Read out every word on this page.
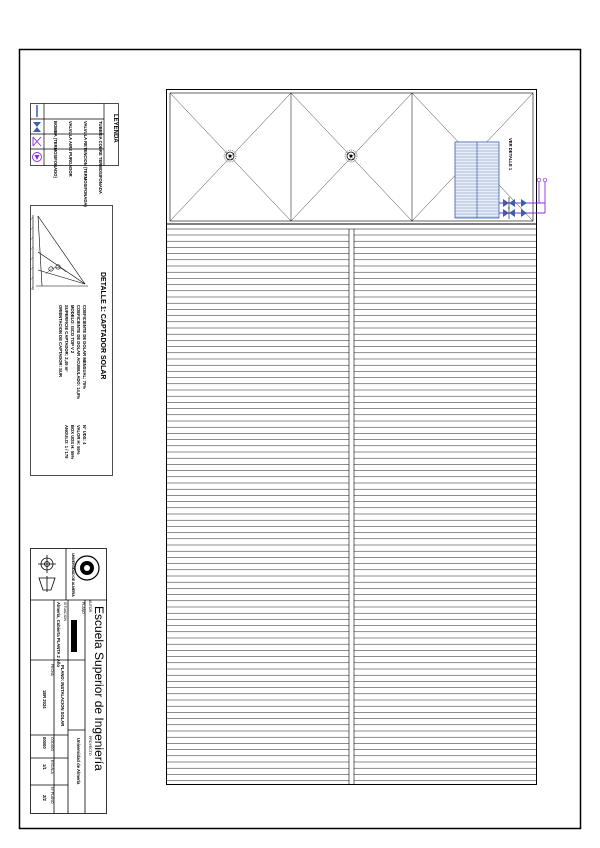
LEYENDA
TUBERIA COBRE TERMOSIFONADA
VALVULA RETENCION (TERMOSIFONADA)
VALVULA AIRE PURGADOR
BOMBA (TERMOSIFONADO)
DETALLE 1: CAPTADOR SOLAR
COEFICIENTE DE DOLAR MENSUAL: 70%
COEFICIENTE DE DOLAR ACUMULADO: 14,8%
MODELO: ISCO TOP V 2
SUPERFICIE CAPTADOR: 2,49 m²
ORIENTACION DE CAPTADOR: SUR
Nº UDS: 4
VALOR H: 55%
BOX UDS H: 55%
ANGULO: 1 / 179
VER DETALLE 1
Escuela Superior de Ingeniería
AUTOR
PROYECTO
Universidad de Almería
PLANO
PLANO: INSTALACION SOLAR
SITUACION
Almería, Cubierta PLANTA 2 Año
FECHA
1ER 2024
CÓDIGO
00000
ESCALA
1/1
Nº PLANO
2/2
UNIVERSIDAD DE ALMERÍA
